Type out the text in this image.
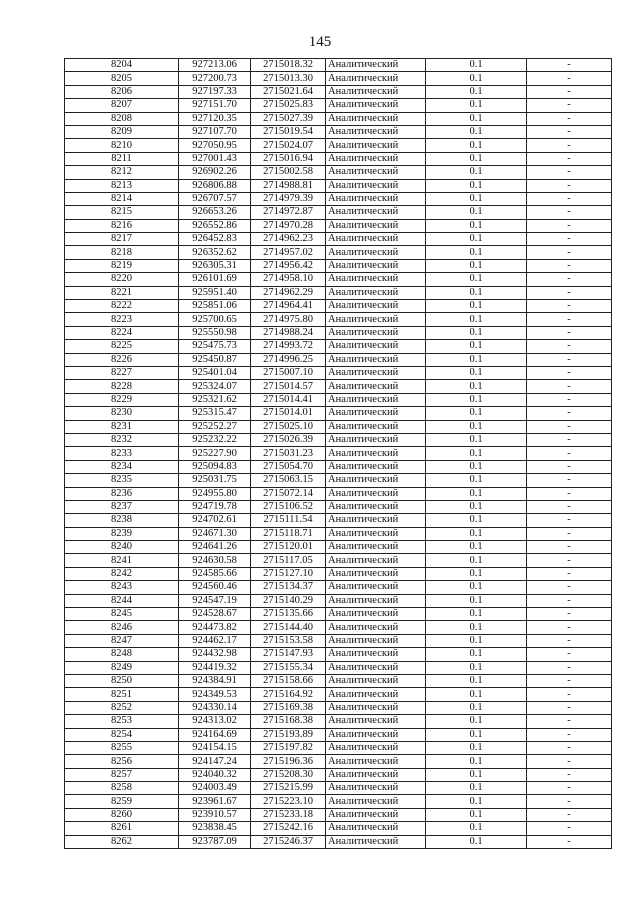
145
8204	927213.06	2715018.32	Аналитический	0.1	-
8205	927200.73	2715013.30	Аналитический	0.1	-
8206	927197.33	2715021.64	Аналитический	0.1	-
8207	927151.70	2715025.83	Аналитический	0.1	-
8208	927120.35	2715027.39	Аналитический	0.1	-
8209	927107.70	2715019.54	Аналитический	0.1	-
8210	927050.95	2715024.07	Аналитический	0.1	-
8211	927001.43	2715016.94	Аналитический	0.1	-
8212	926902.26	2715002.58	Аналитический	0.1	-
8213	926806.88	2714988.81	Аналитический	0.1	-
8214	926707.57	2714979.39	Аналитический	0.1	-
8215	926653.26	2714972.87	Аналитический	0.1	-
8216	926552.86	2714970.28	Аналитический	0.1	-
8217	926452.83	2714962.23	Аналитический	0.1	-
8218	926352.62	2714957.02	Аналитический	0.1	-
8219	926305.31	2714956.42	Аналитический	0.1	-
8220	926101.69	2714958.10	Аналитический	0.1	-
8221	925951.40	2714962.29	Аналитический	0.1	-
8222	925851.06	2714964.41	Аналитический	0.1	-
8223	925700.65	2714975.80	Аналитический	0.1	-
8224	925550.98	2714988.24	Аналитический	0.1	-
8225	925475.73	2714993.72	Аналитический	0.1	-
8226	925450.87	2714996.25	Аналитический	0.1	-
8227	925401.04	2715007.10	Аналитический	0.1	-
8228	925324.07	2715014.57	Аналитический	0.1	-
8229	925321.62	2715014.41	Аналитический	0.1	-
8230	925315.47	2715014.01	Аналитический	0.1	-
8231	925252.27	2715025.10	Аналитический	0.1	-
8232	925232.22	2715026.39	Аналитический	0.1	-
8233	925227.90	2715031.23	Аналитический	0.1	-
8234	925094.83	2715054.70	Аналитический	0.1	-
8235	925031.75	2715063.15	Аналитический	0.1	-
8236	924955.80	2715072.14	Аналитический	0.1	-
8237	924719.78	2715106.52	Аналитический	0.1	-
8238	924702.61	2715111.54	Аналитический	0.1	-
8239	924671.30	2715118.71	Аналитический	0.1	-
8240	924641.26	2715120.01	Аналитический	0.1	-
8241	924630.58	2715117.05	Аналитический	0.1	-
8242	924585.66	2715127.10	Аналитический	0.1	-
8243	924560.46	2715134.37	Аналитический	0.1	-
8244	924547.19	2715140.29	Аналитический	0.1	-
8245	924528.67	2715135.66	Аналитический	0.1	-
8246	924473.82	2715144.40	Аналитический	0.1	-
8247	924462.17	2715153.58	Аналитический	0.1	-
8248	924432.98	2715147.93	Аналитический	0.1	-
8249	924419.32	2715155.34	Аналитический	0.1	-
8250	924384.91	2715158.66	Аналитический	0.1	-
8251	924349.53	2715164.92	Аналитический	0.1	-
8252	924330.14	2715169.38	Аналитический	0.1	-
8253	924313.02	2715168.38	Аналитический	0.1	-
8254	924164.69	2715193.89	Аналитический	0.1	-
8255	924154.15	2715197.82	Аналитический	0.1	-
8256	924147.24	2715196.36	Аналитический	0.1	-
8257	924040.32	2715208.30	Аналитический	0.1	-
8258	924003.49	2715215.99	Аналитический	0.1	-
8259	923961.67	2715223.10	Аналитический	0.1	-
8260	923910.57	2715233.18	Аналитический	0.1	-
8261	923838.45	2715242.16	Аналитический	0.1	-
8262	923787.09	2715246.37	Аналитический	0.1	-
